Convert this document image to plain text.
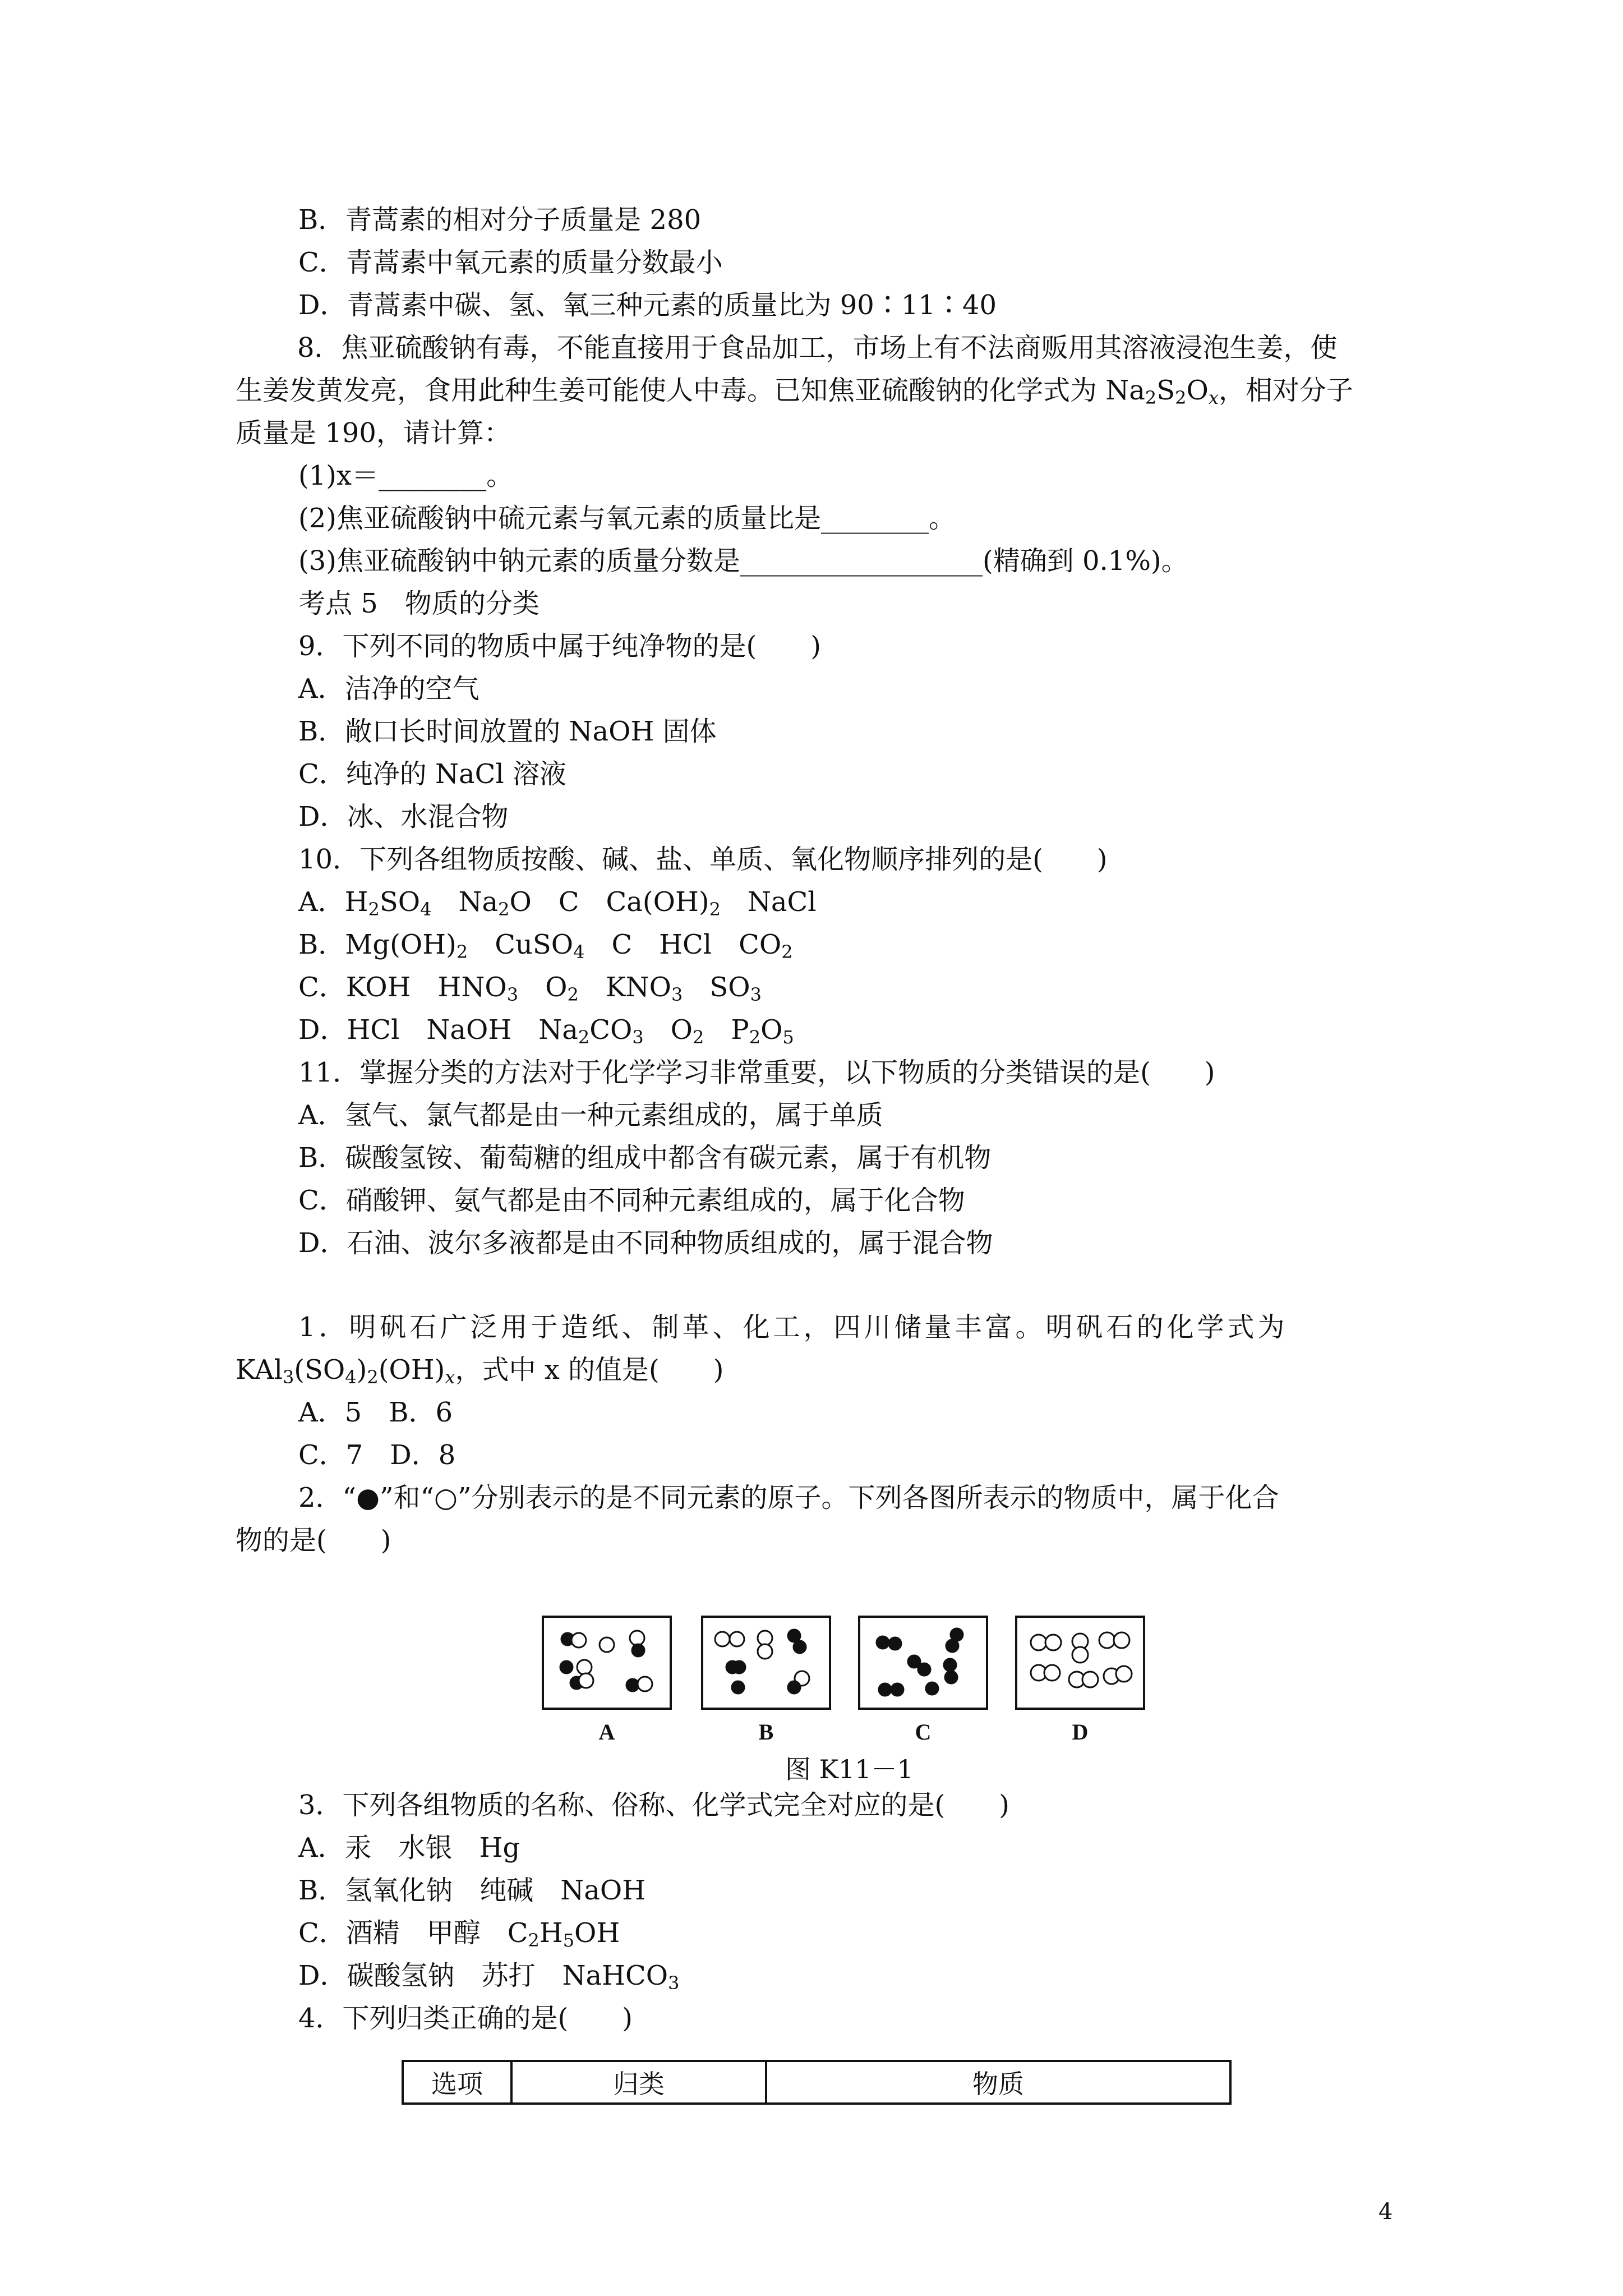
B．青蒿素的相对分子质量是 280
C．青蒿素中氧元素的质量分数最小
D．青蒿素中碳、氢、氧三种元素的质量比为 90∶11∶40
8．焦亚硫酸钠有毒，不能直接用于食品加工，市场上有不法商贩用其溶液浸泡生姜，使
生姜发黄发亮，食用此种生姜可能使人中毒。已知焦亚硫酸钠的化学式为 $Na_2S_2O_x$，相对分子
质量是 190，请计算：
(1)x＝________。
(2)焦亚硫酸钠中硫元素与氧元素的质量比是________。
(3)焦亚硫酸钠中钠元素的质量分数是__________________(精确到 0.1%)。
考点 5　物质的分类
9．下列不同的物质中属于纯净物的是(　　)
A．洁净的空气
B．敞口长时间放置的 NaOH 固体
C．纯净的 NaCl 溶液
D．冰、水混合物
10．下列各组物质按酸、碱、盐、单质、氧化物顺序排列的是(　　)
A．$H_2SO_4$　$Na_2O$　C　$Ca(OH)_2$　NaCl
B．$Mg(OH)_2$　CuSO$_4$　C　HCl　$CO_2$
C．KOH　$HNO_3$　$O_2$　$KNO_3$　$SO_3$
D．HCl　NaOH　$Na_2CO_3$　$O_2$　$P_2O_5$
11．掌握分类的方法对于化学学习非常重要，以下物质的分类错误的是(　　)
A．氢气、氯气都是由一种元素组成的，属于单质
B．碳酸氢铵、葡萄糖的组成中都含有碳元素，属于有机物
C．硝酸钾、氨气都是由不同种元素组成的，属于化合物
D．石油、波尔多液都是由不同种物质组成的，属于混合物
1．明矾石广泛用于造纸、制革、化工，四川储量丰富。明矾石的化学式为
$KAl_3(SO_4)_2(OH)_x$，式中 x 的值是(　　)
A．5　B．6
C．7　D．8
2．“●”和“○”分别表示的是不同元素的原子。下列各图所表示的物质中，属于化合
物的是(　　)
A	B	C	D
图 K11－1
3．下列各组物质的名称、俗称、化学式完全对应的是(　　)
A．汞　水银　Hg
B．氢氧化钠　纯碱　NaOH
C．酒精　甲醇　$C_2H_5OH$
D．碳酸氢钠　苏打　NaHCO$_3$
4．下列归类正确的是(　　)
选项	归类	物质
4
